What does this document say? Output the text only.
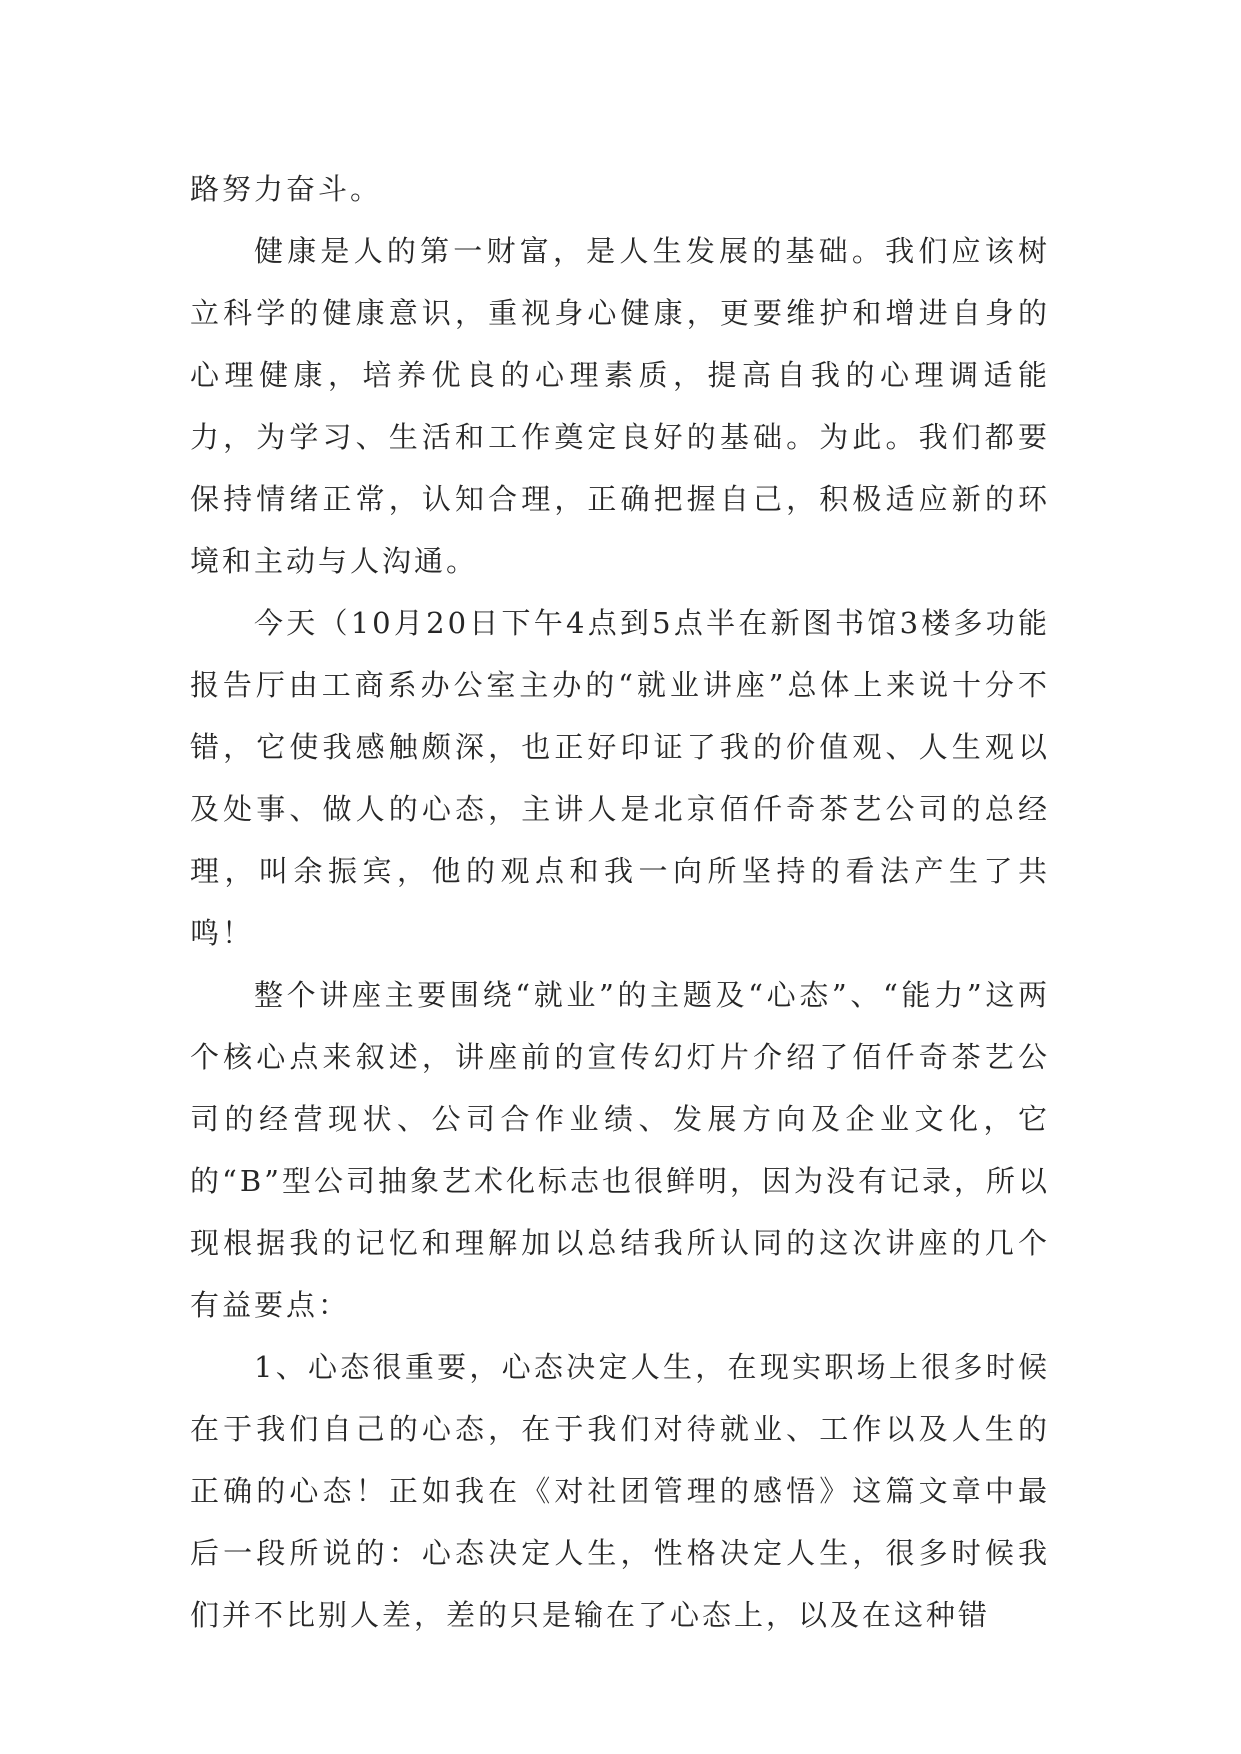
路努力奋斗。

健康是人的第一财富，是人生发展的基础。我们应该树立科学的健康意识，重视身心健康，更要维护和增进自身的心理健康，培养优良的心理素质，提高自我的心理调适能力，为学习、生活和工作奠定良好的基础。为此。我们都要保持情绪正常，认知合理，正确把握自己，积极适应新的环境和主动与人沟通。

今天（10月20日下午4点到5点半在新图书馆3楼多功能报告厅由工商系办公室主办的“就业讲座”总体上来说十分不错，它使我感触颇深，也正好印证了我的价值观、人生观以及处事、做人的心态，主讲人是北京佰仟奇茶艺公司的总经理，叫余振宾，他的观点和我一向所坚持的看法产生了共鸣！

整个讲座主要围绕“就业”的主题及“心态”、“能力”这两个核心点来叙述，讲座前的宣传幻灯片介绍了佰仟奇茶艺公司的经营现状、公司合作业绩、发展方向及企业文化，它的“B”型公司抽象艺术化标志也很鲜明，因为没有记录，所以现根据我的记忆和理解加以总结我所认同的这次讲座的几个有益要点：

1、心态很重要，心态决定人生，在现实职场上很多时候在于我们自己的心态，在于我们对待就业、工作以及人生的正确的心态！正如我在《对社团管理的感悟》这篇文章中最后一段所说的：心态决定人生，性格决定人生，很多时候我们并不比别人差，差的只是输在了心态上，以及在这种错
